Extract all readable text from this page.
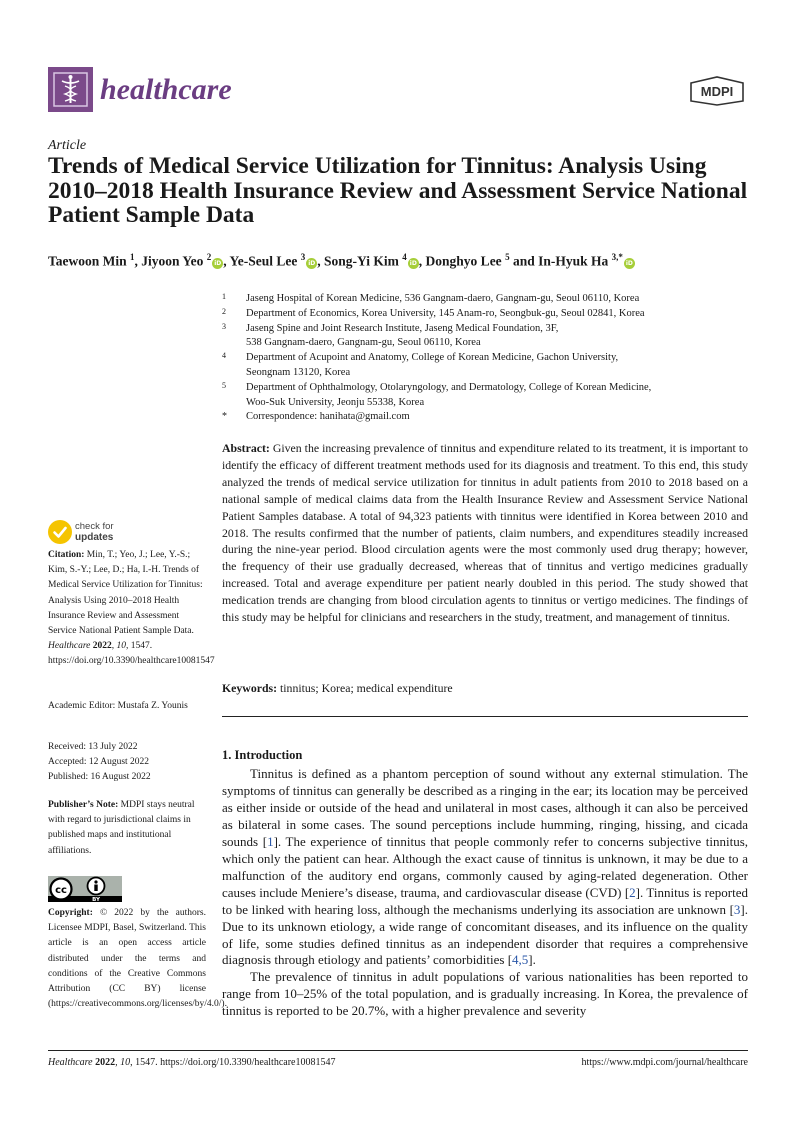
healthcare	MDPI
Article
Trends of Medical Service Utilization for Tinnitus: Analysis Using 2010–2018 Health Insurance Review and Assessment Service National Patient Sample Data
Taewoon Min $^1$, Jiyoon Yeo $^2$iD , Ye-Seul Lee $^3$iD , Song-Yi Kim $^4$iD , Donghyo Lee $^5$ and In-Hyuk Ha $^{3,*}$iD
1 Jaseng Hospital of Korean Medicine, 536 Gangnam-daero, Gangnam-gu, Seoul 06110, Korea
2 Department of Economics, Korea University, 145 Anam-ro, Seongbuk-gu, Seoul 02841, Korea
3 Jaseng Spine and Joint Research Institute, Jaseng Medical Foundation, 3F,
538 Gangnam-daero, Gangnam-gu, Seoul 06110, Korea
4 Department of Acupoint and Anatomy, College of Korean Medicine, Gachon University,
Seongnam 13120, Korea
5 Department of Ophthalmology, Otolaryngology, and Dermatology, College of Korean Medicine,
Woo-Suk University, Jeonju 55338, Korea
* Correspondence: hanihata@gmail.com
Abstract: Given the increasing prevalence of tinnitus and expenditure related to its treatment, it is important to identify the efficacy of different treatment methods used for its diagnosis and treatment. To this end, this study analyzed the trends of medical service utilization for tinnitus in adult patients from 2010 to 2018 based on a national sample of medical claims data from the Health Insurance Review and Assessment Service National Patient Samples database. A total of 94,323 patients with tinnitus were identified in Korea between 2010 and 2018. The results confirmed that the number of patients, claim numbers, and expenditures steadily increased during the nine-year period. Blood circulation agents were the most commonly used drug therapy; however, the frequency of their use gradually decreased, whereas that of tinnitus and vertigo medicines gradually increased. Total and average expenditure per patient nearly doubled in this period. The study showed that medication trends are changing from blood circulation agents to tinnitus or vertigo medicines. The findings of this study may be helpful for clinicians and researchers in the study, treatment, and management of tinnitus.
Keywords: tinnitus; Korea; medical expenditure
1. Introduction

Tinnitus is defined as a phantom perception of sound without any external stimulation. The symptoms of tinnitus can generally be described as a ringing in the ear; its location may be perceived as either inside or outside of the head and unilateral in most cases, although it can also be perceived as bilateral in some cases. The sound perceptions include humming, ringing, hissing, and cicada sounds [1]. The experience of tinnitus that people commonly refer to concerns subjective tinnitus, which only the patient can hear. Although the exact cause of tinnitus is unknown, it may be due to a malfunction of the auditory end organs, commonly caused by aging-related degeneration. Other causes include Meniere’s disease, trauma, and cardiovascular disease (CVD) [2]. Tinnitus is reported to be linked with hearing loss, although the mechanisms underlying its association are unknown [3]. Due to its unknown etiology, a wide range of concomitant diseases, and its influence on the quality of life, some studies defined tinnitus as an independent disorder that requires a comprehensive diagnosis through etiology and patients’ comorbidities [4,5].

The prevalence of tinnitus in adult populations of various nationalities has been reported to range from 10–25% of the total population, and is gradually increasing. In Korea, the prevalence of tinnitus is reported to be 20.7%, with a higher prevalence and severity

check for
updates
Citation: Min, T.; Yeo, J.; Lee, Y.-S.; Kim, S.-Y.; Lee, D.; Ha, I.-H. Trends of Medical Service Utilization for Tinnitus: Analysis Using 2010–2018 Health Insurance Review and Assessment Service National Patient Sample Data. Healthcare 2022, 10, 1547. https://doi.org/10.3390/healthcare10081547
Academic Editor: Mustafa Z. Younis
Received: 13 July 2022
Accepted: 12 August 2022
Published: 16 August 2022
Publisher’s Note: MDPI stays neutral with regard to jurisdictional claims in published maps and institutional affiliations.
cc
BY
Copyright: © 2022 by the authors. Licensee MDPI, Basel, Switzerland. This article is an open access article distributed under the terms and conditions of the Creative Commons Attribution (CC BY) license (https://creativecommons.org/licenses/by/4.0/).
Healthcare 2022, 10, 1547. https://doi.org/10.3390/healthcare10081547	https://www.mdpi.com/journal/healthcare
